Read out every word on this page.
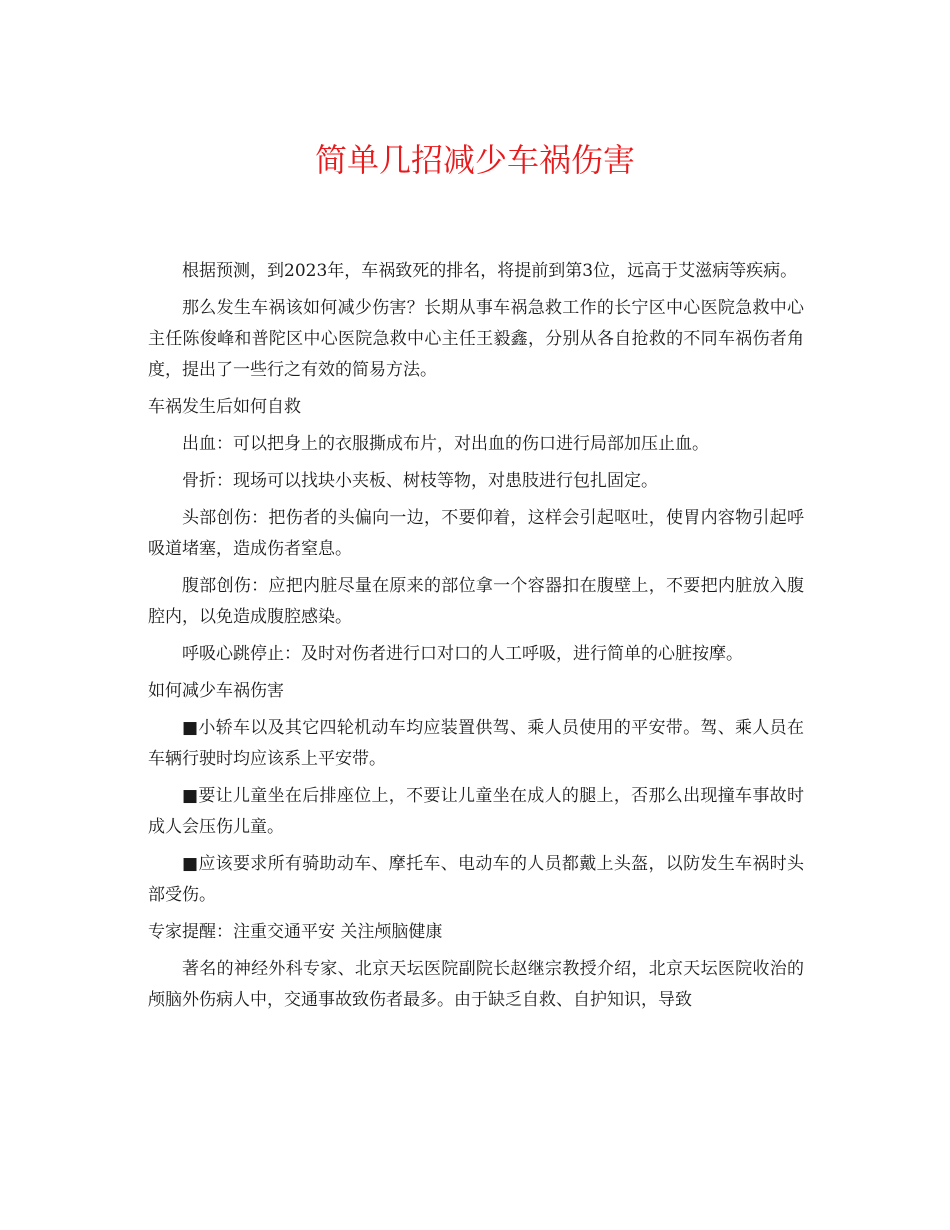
简单几招减少车祸伤害

根据预测，到2023年，车祸致死的排名，将提前到第3位，远高于艾滋病等疾病。

那么发生车祸该如何减少伤害？长期从事车祸急救工作的长宁区中心医院急救中心主任陈俊峰和普陀区中心医院急救中心主任王毅鑫，分别从各自抢救的不同车祸伤者角度，提出了一些行之有效的简易方法。

车祸发生后如何自救

出血：可以把身上的衣服撕成布片，对出血的伤口进行局部加压止血。

骨折：现场可以找块小夹板、树枝等物，对患肢进行包扎固定。

头部创伤：把伤者的头偏向一边，不要仰着，这样会引起呕吐，使胃内容物引起呼吸道堵塞，造成伤者窒息。

腹部创伤：应把内脏尽量在原来的部位拿一个容器扣在腹壁上，不要把内脏放入腹腔内，以免造成腹腔感染。

呼吸心跳停止：及时对伤者进行口对口的人工呼吸，进行简单的心脏按摩。

如何减少车祸伤害

■小轿车以及其它四轮机动车均应装置供驾、乘人员使用的平安带。驾、乘人员在车辆行驶时均应该系上平安带。

■要让儿童坐在后排座位上，不要让儿童坐在成人的腿上，否那么出现撞车事故时成人会压伤儿童。

■应该要求所有骑助动车、摩托车、电动车的人员都戴上头盔，以防发生车祸时头部受伤。

专家提醒：注重交通平安 关注颅脑健康

著名的神经外科专家、北京天坛医院副院长赵继宗教授介绍，北京天坛医院收治的颅脑外伤病人中，交通事故致伤者最多。由于缺乏自救、自护知识，导致
